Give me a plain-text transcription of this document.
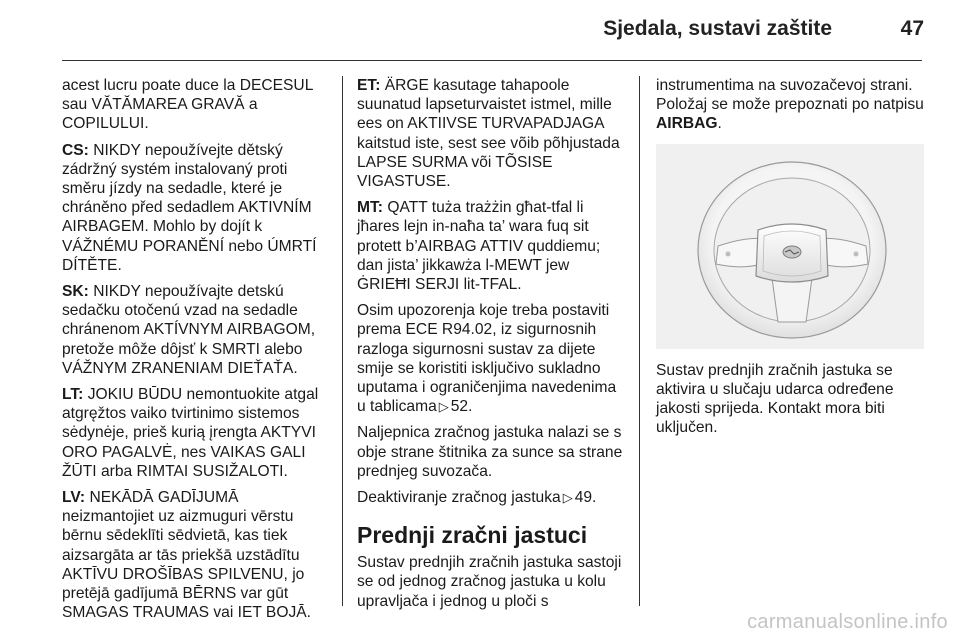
Sjedala, sustavi zaštite	47

acest lucru poate duce la DECESUL sau VĂTĂMAREA GRAVĂ a COPILULUI.

CS: NIKDY nepoužívejte dětský zádržný systém instalovaný proti směru jízdy na sedadle, které je chráněno před sedadlem AKTIVNÍM AIRBAGEM. Mohlo by dojít k VÁŽNÉMU PORANĚNÍ nebo ÚMRTÍ DÍTĚTE.

SK: NIKDY nepoužívajte detskú sedačku otočenú vzad na sedadle chránenom AKTÍVNYM AIRBAGOM, pretože môže dôjsť k SMRTI alebo VÁŽNYM ZRANENIAM DIEŤAŤA.

LT: JOKIU BŪDU nemontuokite atgal atgręžtos vaiko tvirtinimo sistemos sėdynėje, prieš kurią įrengta AKTYVI ORO PAGALVĖ, nes VAIKAS GALI ŽŪTI arba RIMTAI SUSIŽALOTI.

LV: NEKĀDĀ GADĪJUMĀ neizmantojiet uz aizmuguri vērstu bērnu sēdeklīti sēdvietā, kas tiek aizsargāta ar tās priekšā uzstādītu AKTĪVU DROŠĪBAS SPILVENU, jo pretējā gadījumā BĒRNS var gūt SMAGAS TRAUMAS vai IET BOJĀ.

ET: ÄRGE kasutage tahapoole suunatud lapseturvaistet istmel, mille ees on AKTIIVSE TURVAPADJAGA kaitstud iste, sest see võib põhjustada LAPSE SURMA või TÕSISE VIGASTUSE.

MT: QATT tuża trażżin għat-tfal li jħares lejn in-naħa ta’ wara fuq sit protett b’AIRBAG ATTIV quddiemu; dan jista’ jikkawża l-MEWT jew ĠRIEĦI SERJI lit-TFAL.

Osim upozorenja koje treba postaviti prema ECE R94.02, iz sigurnosnih razloga sigurnosni sustav za dijete smije se koristiti isključivo sukladno uputama i ograničenjima navedenima u tablicama ▷ 52.

Naljepnica zračnog jastuka nalazi se s obje strane štitnika za sunce sa strane prednjeg suvozača.

Deaktiviranje zračnog jastuka ▷ 49.

Prednji zračni jastuci

Sustav prednjih zračnih jastuka sastoji se od jednog zračnog jastuka u kolu upravljača i jednog u ploči s

instrumentima na suvozačevoj strani. Položaj se može prepoznati po natpisu AIRBAG.

Sustav prednjih zračnih jastuka se aktivira u slučaju udarca određene jakosti sprijeda. Kontakt mora biti uključen.

carmanualsonline.info
